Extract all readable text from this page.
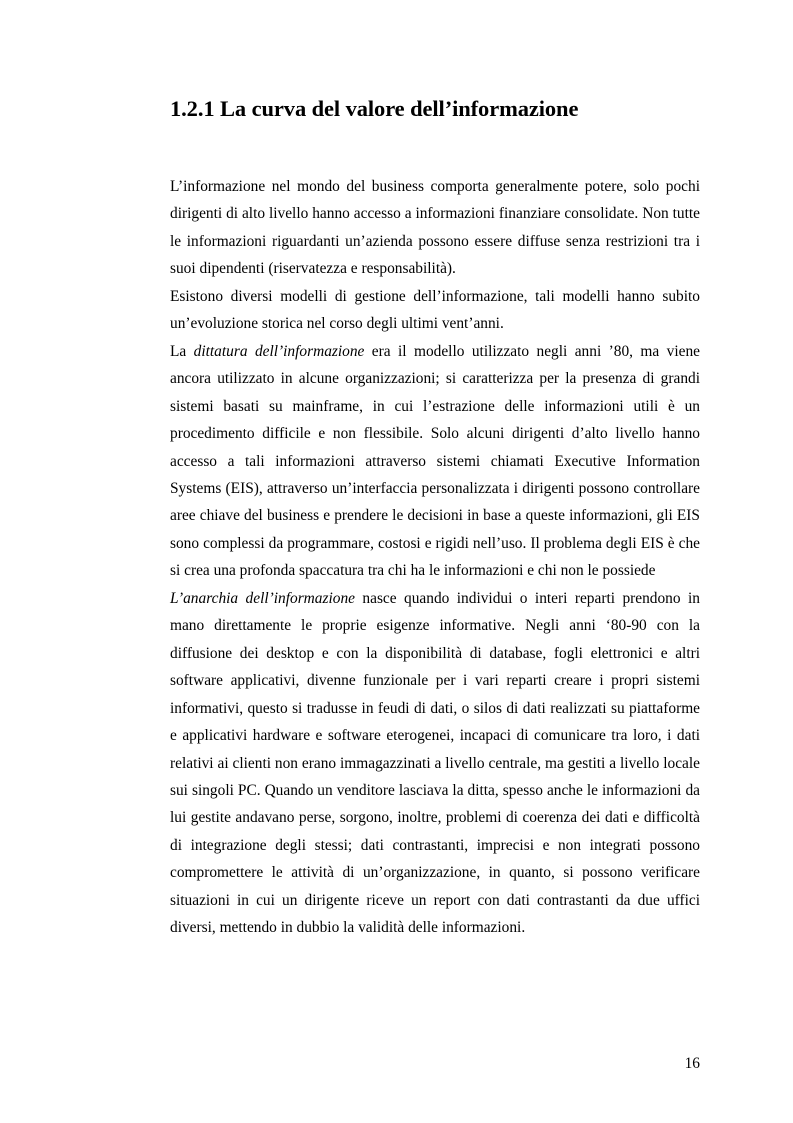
1.2.1 La curva del valore dell’informazione

L’informazione nel mondo del business comporta generalmente potere, solo pochi dirigenti di alto livello hanno accesso a informazioni finanziare consolidate. Non tutte le informazioni riguardanti un’azienda possono essere diffuse senza restrizioni tra i suoi dipendenti (riservatezza e responsabilità).

Esistono diversi modelli di gestione dell’informazione, tali modelli hanno subito un’evoluzione storica nel corso degli ultimi vent’anni.

La dittatura dell’informazione era il modello utilizzato negli anni ’80, ma viene ancora utilizzato in alcune organizzazioni; si caratterizza per la presenza di grandi sistemi basati su mainframe, in cui l’estrazione delle informazioni utili è un procedimento difficile e non flessibile. Solo alcuni dirigenti d’alto livello hanno accesso a tali informazioni attraverso sistemi chiamati Executive Information Systems (EIS), attraverso un’interfaccia personalizzata i dirigenti possono controllare aree chiave del business e prendere le decisioni in base a queste informazioni, gli EIS sono complessi da programmare, costosi e rigidi nell’uso. Il problema degli EIS è che si crea una profonda spaccatura tra chi ha le informazioni e chi non le possiede

L’anarchia dell’informazione nasce quando individui o interi reparti prendono in mano direttamente le proprie esigenze informative. Negli anni ‘80-90 con la diffusione dei desktop e con la disponibilità di database, fogli elettronici e altri software applicativi, divenne funzionale per i vari reparti creare i propri sistemi informativi, questo si tradusse in feudi di dati, o silos di dati realizzati su piattaforme e applicativi hardware e software eterogenei, incapaci di comunicare tra loro, i dati relativi ai clienti non erano immagazzinati a livello centrale, ma gestiti a livello locale sui singoli PC. Quando un venditore lasciava la ditta, spesso anche le informazioni da lui gestite andavano perse, sorgono, inoltre, problemi di coerenza dei dati e difficoltà di integrazione degli stessi; dati contrastanti, imprecisi e non integrati possono compromettere le attività di un’organizzazione, in quanto, si possono verificare situazioni in cui un dirigente riceve un report con dati contrastanti da due uffici diversi, mettendo in dubbio la validità delle informazioni.

16
